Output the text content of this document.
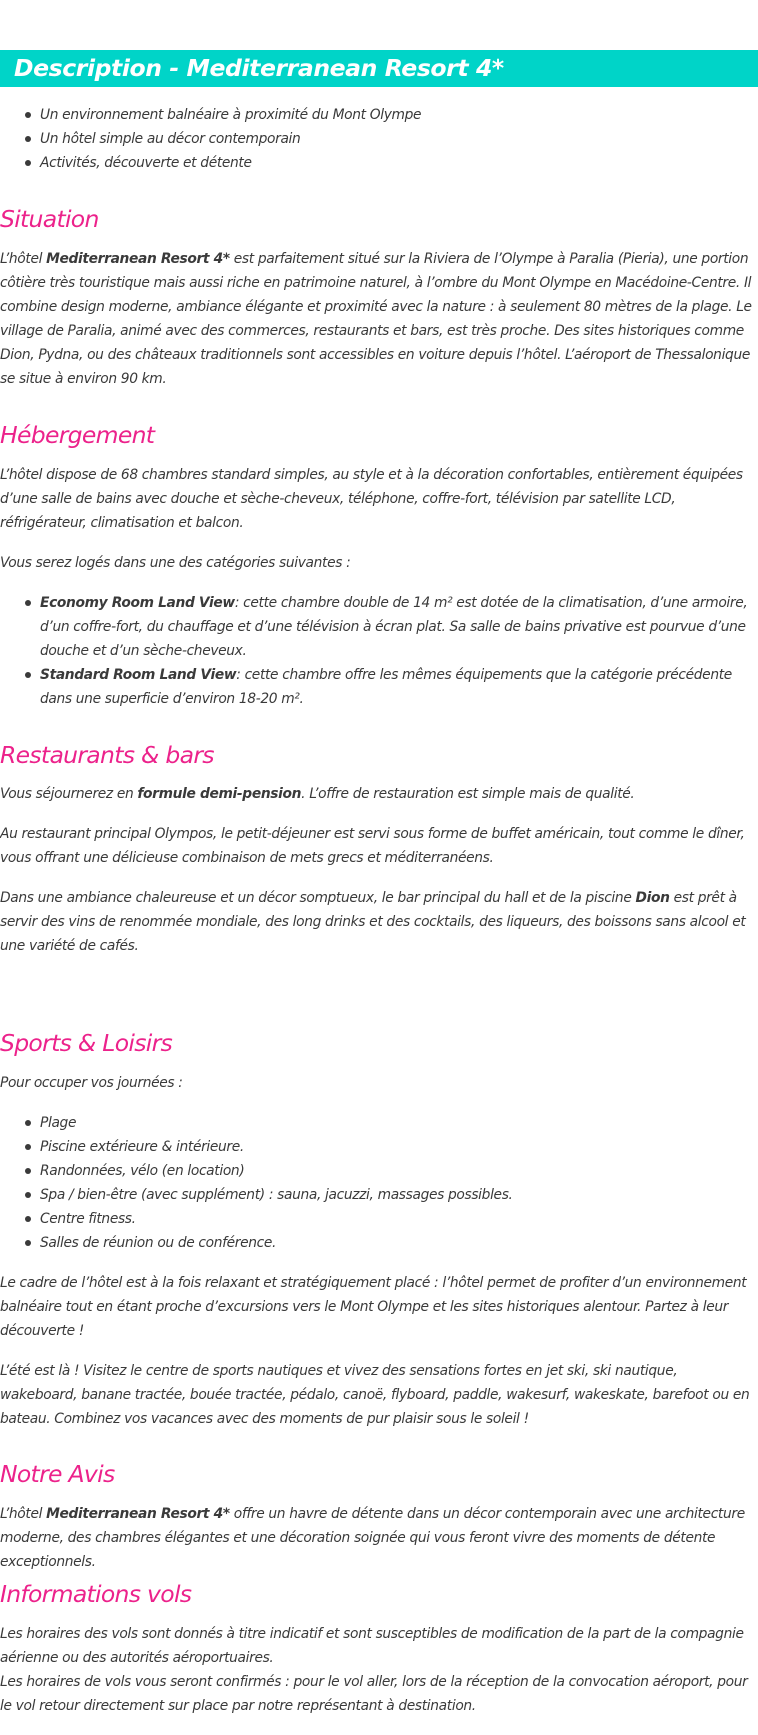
Description - Mediterranean Resort 4*
Un environnement balnéaire à proximité du Mont Olympe
Un hôtel simple au décor contemporain
Activités, découverte et détente
Situation
L’hôtel Mediterranean Resort 4* est parfaitement situé sur la Riviera de l’Olympe à Paralia (Pieria), une portion côtière très touristique mais aussi riche en patrimoine naturel, à l’ombre du Mont Olympe en Macédoine-Centre. Il combine design moderne, ambiance élégante et proximité avec la nature : à seulement 80 mètres de la plage. Le village de Paralia, animé avec des commerces, restaurants et bars, est très proche. Des sites historiques comme Dion, Pydna, ou des châteaux traditionnels sont accessibles en voiture depuis l’hôtel. L’aéroport de Thessalonique se situe à environ 90 km.
Hébergement
L’hôtel dispose de 68 chambres standard simples, au style et à la décoration confortables, entièrement équipées d’une salle de bains avec douche et sèche-cheveux, téléphone, coffre-fort, télévision par satellite LCD, réfrigérateur, climatisation et balcon.
Vous serez logés dans une des catégories suivantes :
Economy Room Land View: cette chambre double de 14 m² est dotée de la climatisation, d’une armoire, d’un coffre-fort, du chauffage et d’une télévision à écran plat. Sa salle de bains privative est pourvue d’une douche et d’un sèche-cheveux.
Standard Room Land View: cette chambre offre les mêmes équipements que la catégorie précédente dans une superficie d’environ 18-20 m².
Restaurants & bars
Vous séjournerez en formule demi-pension. L’offre de restauration est simple mais de qualité.
Au restaurant principal Olympos, le petit-déjeuner est servi sous forme de buffet américain, tout comme le dîner, vous offrant une délicieuse combinaison de mets grecs et méditerranéens.
Dans une ambiance chaleureuse et un décor somptueux, le bar principal du hall et de la piscine Dion est prêt à servir des vins de renommée mondiale, des long drinks et des cocktails, des liqueurs, des boissons sans alcool et une variété de cafés.
Sports & Loisirs
Pour occuper vos journées :
Plage
Piscine extérieure & intérieure.
Randonnées, vélo (en location)
Spa / bien-être (avec supplément) : sauna, jacuzzi, massages possibles.
Centre fitness.
Salles de réunion ou de conférence.
Le cadre de l’hôtel est à la fois relaxant et stratégiquement placé : l’hôtel permet de profiter d’un environnement balnéaire tout en étant proche d’excursions vers le Mont Olympe et les sites historiques alentour. Partez à leur découverte !
L’été est là ! Visitez le centre de sports nautiques et vivez des sensations fortes en jet ski, ski nautique, wakeboard, banane tractée, bouée tractée, pédalo, canoë, flyboard, paddle, wakesurf, wakeskate, barefoot ou en bateau. Combinez vos vacances avec des moments de pur plaisir sous le soleil !
Notre Avis
L’hôtel Mediterranean Resort 4* offre un havre de détente dans un décor contemporain avec une architecture moderne, des chambres élégantes et une décoration soignée qui vous feront vivre des moments de détente exceptionnels.
Informations vols
Les horaires des vols sont donnés à titre indicatif et sont susceptibles de modification de la part de la compagnie aérienne ou des autorités aéroportuaires.
Les horaires de vols vous seront confirmés : pour le vol aller, lors de la réception de la convocation aéroport, pour le vol retour directement sur place par notre représentant à destination.
